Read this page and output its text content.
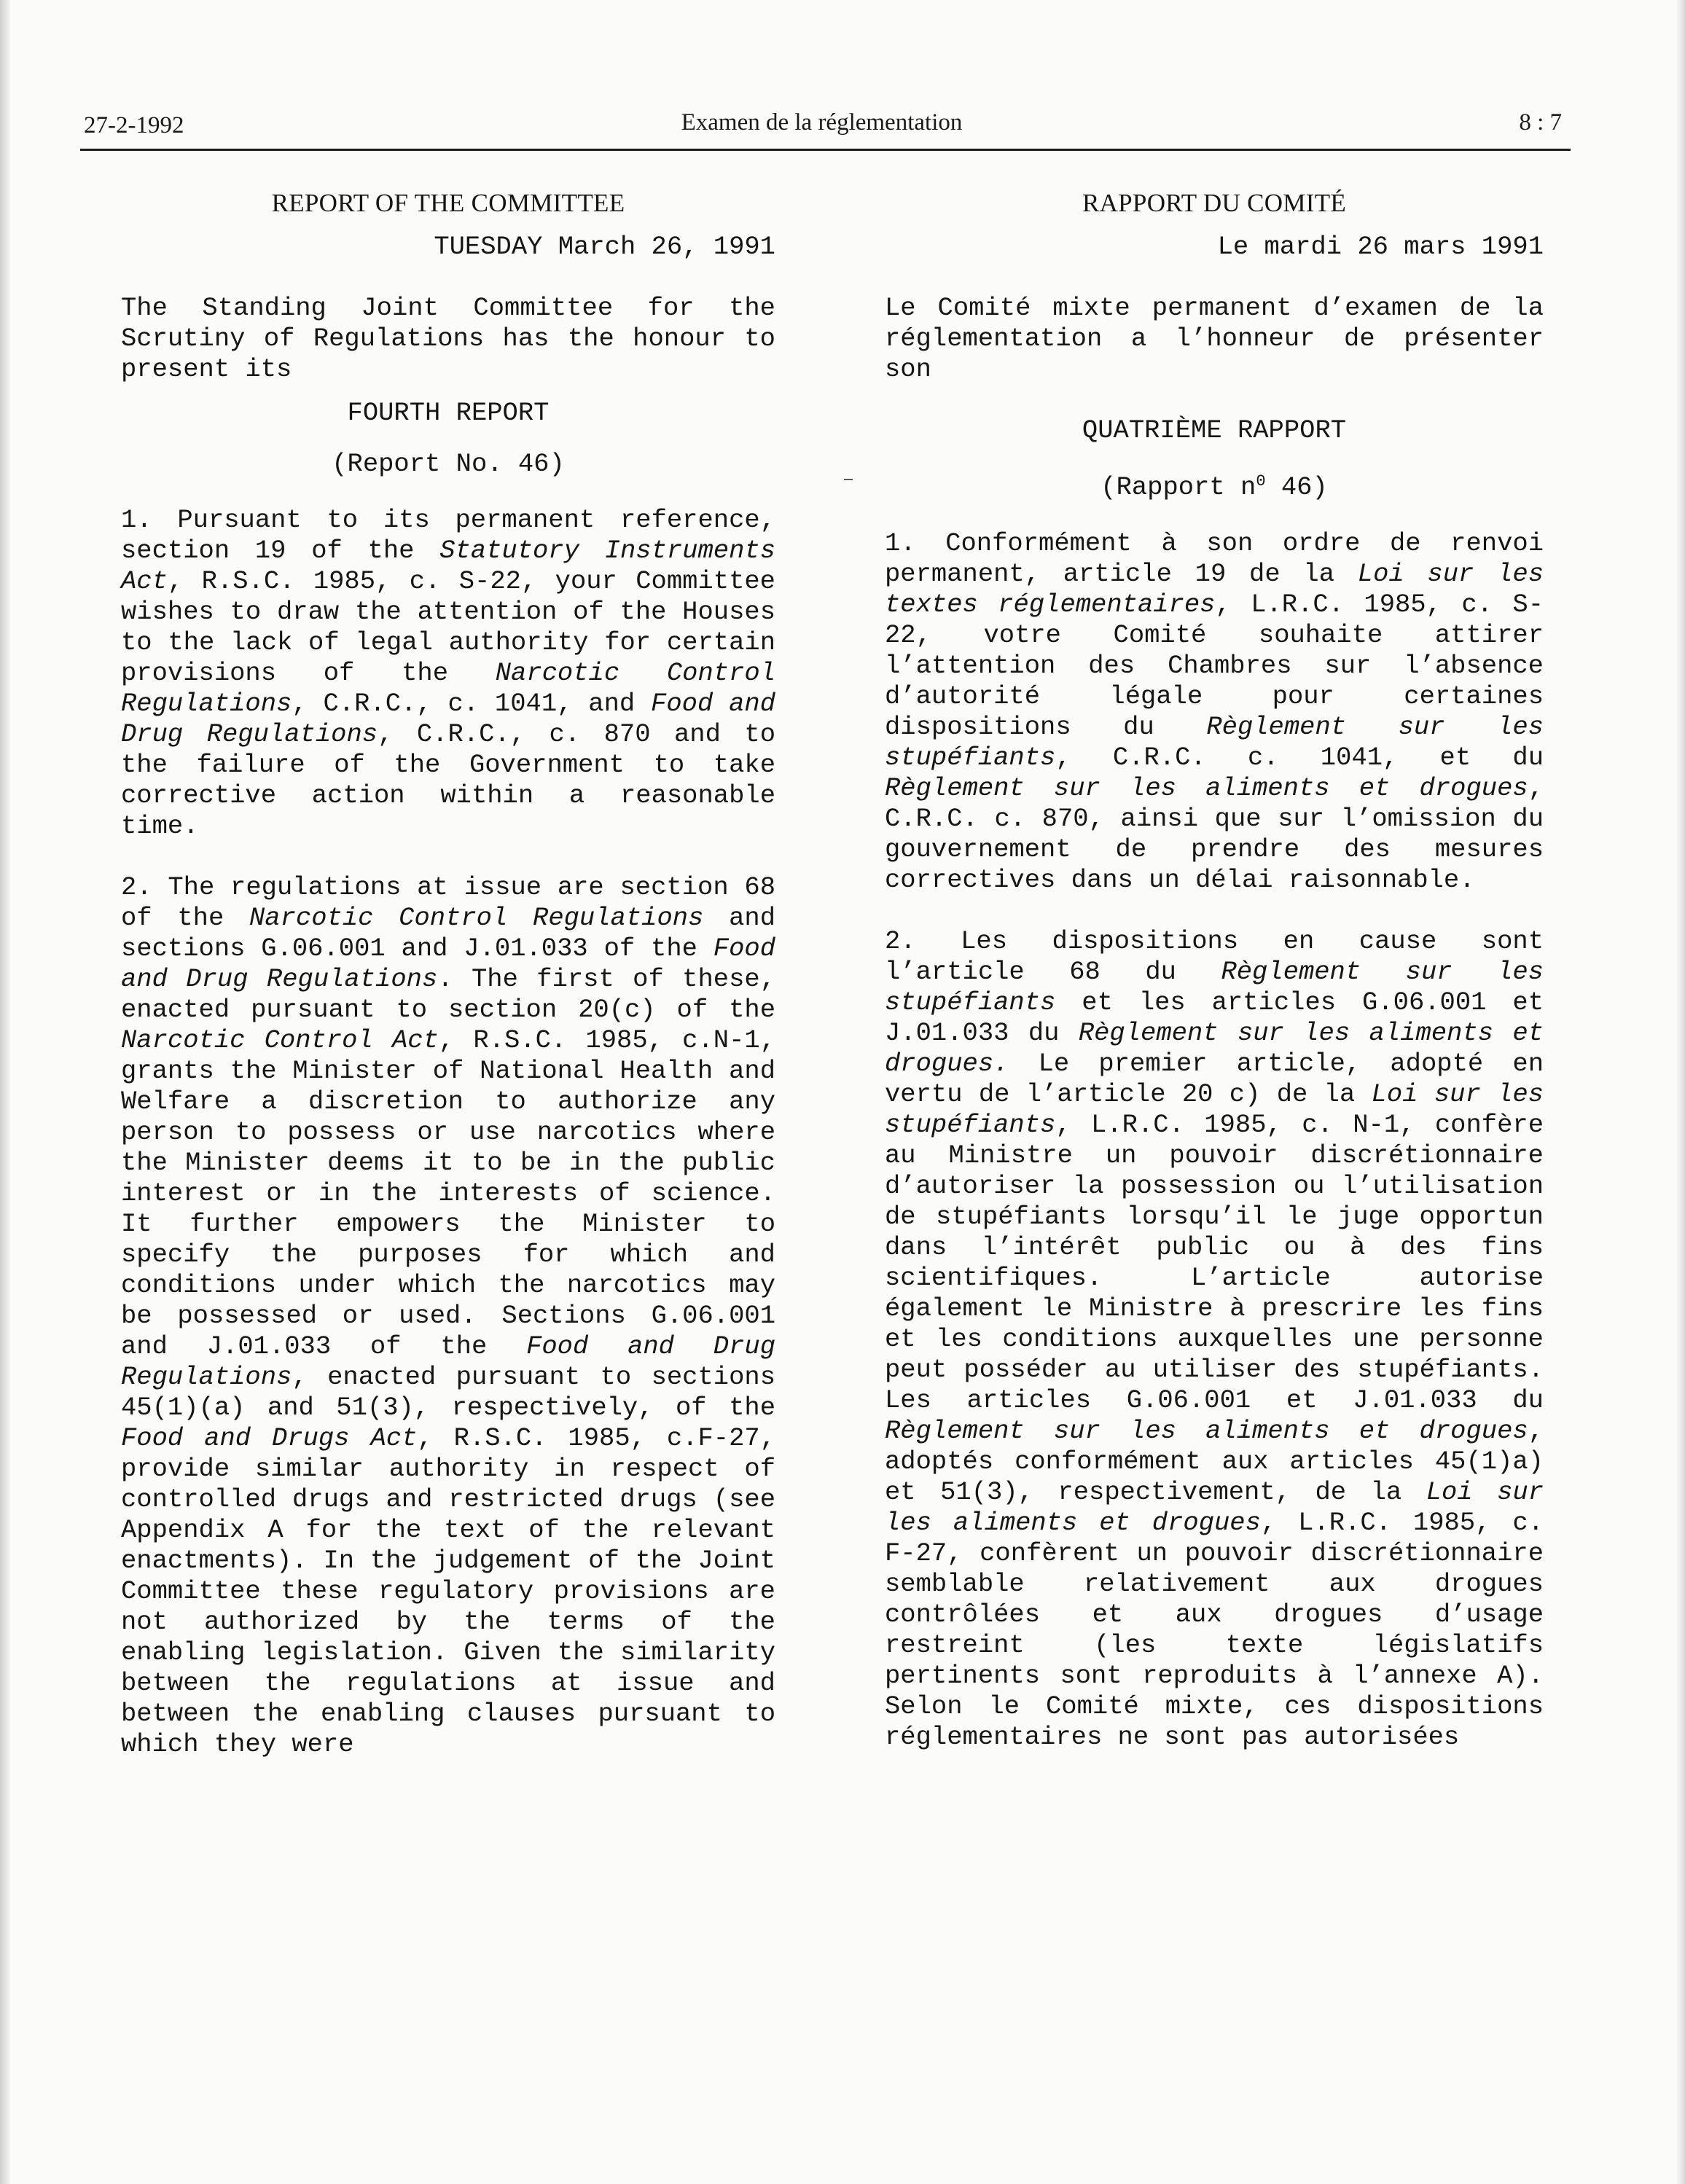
27-2-1992	Examen de la réglementation	8 : 7
REPORT OF THE COMMITTEE
TUESDAY March 26, 1991
The Standing Joint Committee for the Scrutiny of Regulations has the honour to present its
FOURTH REPORT
(Report No. 46)
1. Pursuant to its permanent reference, section 19 of the Statutory Instruments Act, R.S.C. 1985, c. S-22, your Committee wishes to draw the attention of the Houses to the lack of legal authority for certain provisions of the Narcotic Control Regulations, C.R.C., c. 1041, and Food and Drug Regulations, C.R.C., c. 870 and to the failure of the Government to take corrective action within a reasonable time.
2. The regulations at issue are section 68 of the Narcotic Control Regulations and sections G.06.001 and J.01.033 of the Food and Drug Regulations. The first of these, enacted pursuant to section 20(c) of the Narcotic Control Act, R.S.C. 1985, c.N-1, grants the Minister of National Health and Welfare a discretion to authorize any person to possess or use narcotics where the Minister deems it to be in the public interest or in the interests of science. It further empowers the Minister to specify the purposes for which and conditions under which the narcotics may be possessed or used. Sections G.06.001 and J.01.033 of the Food and Drug Regulations, enacted pursuant to sections 45(1)(a) and 51(3), respectively, of the Food and Drugs Act, R.S.C. 1985, c.F-27, provide similar authority in respect of controlled drugs and restricted drugs (see Appendix A for the text of the relevant enactments). In the judgement of the Joint Committee these regulatory provisions are not authorized by the terms of the enabling legislation. Given the similarity between the regulations at issue and between the enabling clauses pursuant to which they were
RAPPORT DU COMITÉ
Le mardi 26 mars 1991
Le Comité mixte permanent d’examen de la réglementation a l’honneur de présenter son
QUATRIÈME RAPPORT
(Rapport $n^0$ 46)
1. Conformément à son ordre de renvoi permanent, article 19 de la Loi sur les textes réglementaires, L.R.C. 1985, c. S-22, votre Comité souhaite attirer l’attention des Chambres sur l’absence d’autorité légale pour certaines dispositions du Règlement sur les stupéfiants, C.R.C. c. 1041, et du Règlement sur les aliments et drogues, C.R.C. c. 870, ainsi que sur l’omission du gouvernement de prendre des mesures correctives dans un délai raisonnable.
2. Les dispositions en cause sont l’article 68 du Règlement sur les stupéfiants et les articles G.06.001 et J.01.033 du Règlement sur les aliments et drogues. Le premier article, adopté en vertu de l’article 20 c) de la Loi sur les stupéfiants, L.R.C. 1985, c. N-1, confère au Ministre un pouvoir discrétionnaire d’autoriser la possession ou l’utilisation de stupéfiants lorsqu’il le juge opportun dans l’intérêt public ou à des fins scientifiques. L’article autorise également le Ministre à prescrire les fins et les conditions auxquelles une personne peut posséder au utiliser des stupéfiants. Les articles G.06.001 et J.01.033 du Règlement sur les aliments et drogues, adoptés conformément aux articles 45(1)a) et 51(3), respectivement, de la Loi sur les aliments et drogues, L.R.C. 1985, c. F-27, confèrent un pouvoir discrétionnaire semblable relativement aux drogues contrôlées et aux drogues d’usage restreint (les texte législatifs pertinents sont reproduits à l’annexe A). Selon le Comité mixte, ces dispositions réglementaires ne sont pas autorisées
